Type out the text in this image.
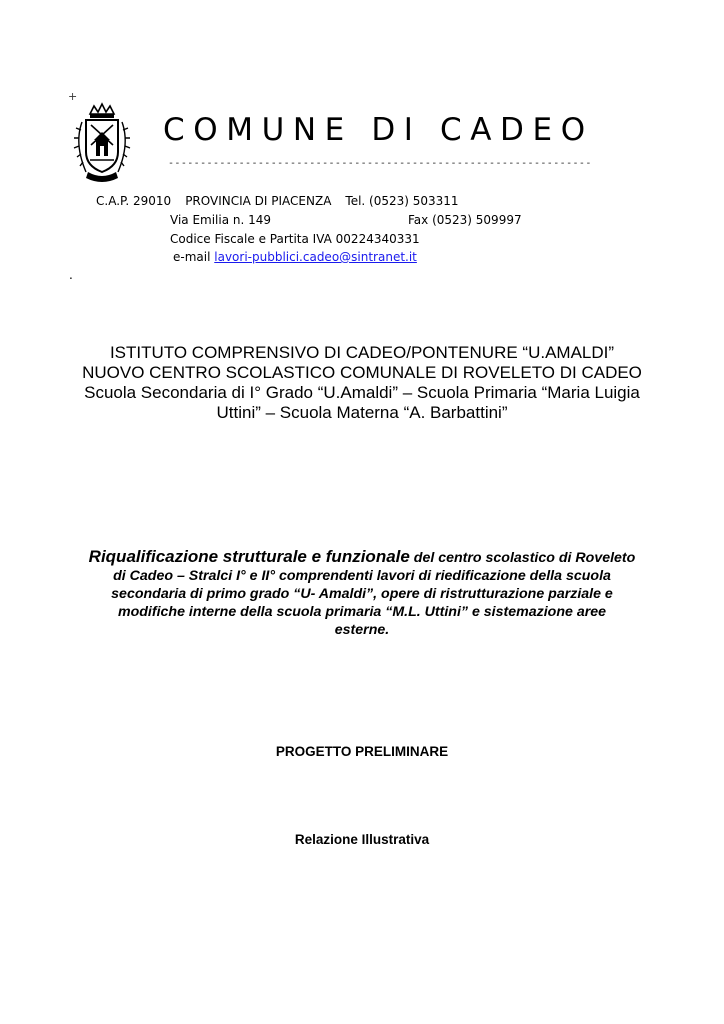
+
COMUNE DI CADEO
------------------------------------------------------------------
C.A.P. 29010 PROVINCIA DI PIACENZA Tel. (0523) 503311
Via Emilia n. 149	Fax (0523) 509997
Codice Fiscale e Partita IVA 00224340331
e-mail lavori-pubblici.cadeo@sintranet.it
.
ISTITUTO COMPRENSIVO DI CADEO/PONTENURE “U.AMALDI”
NUOVO CENTRO SCOLASTICO COMUNALE DI ROVELETO DI CADEO
Scuola Secondaria di I° Grado “U.Amaldi” – Scuola Primaria “Maria Luigia
Uttini” – Scuola Materna “A. Barbattini”
Riqualificazione strutturale e funzionale del centro scolastico di Roveleto
di Cadeo – Stralci I° e II° comprendenti lavori di riedificazione della scuola
secondaria di primo grado “U- Amaldi”, opere di ristrutturazione parziale e
modifiche interne della scuola primaria “M.L. Uttini” e sistemazione aree
esterne.
PROGETTO PRELIMINARE
Relazione Illustrativa
